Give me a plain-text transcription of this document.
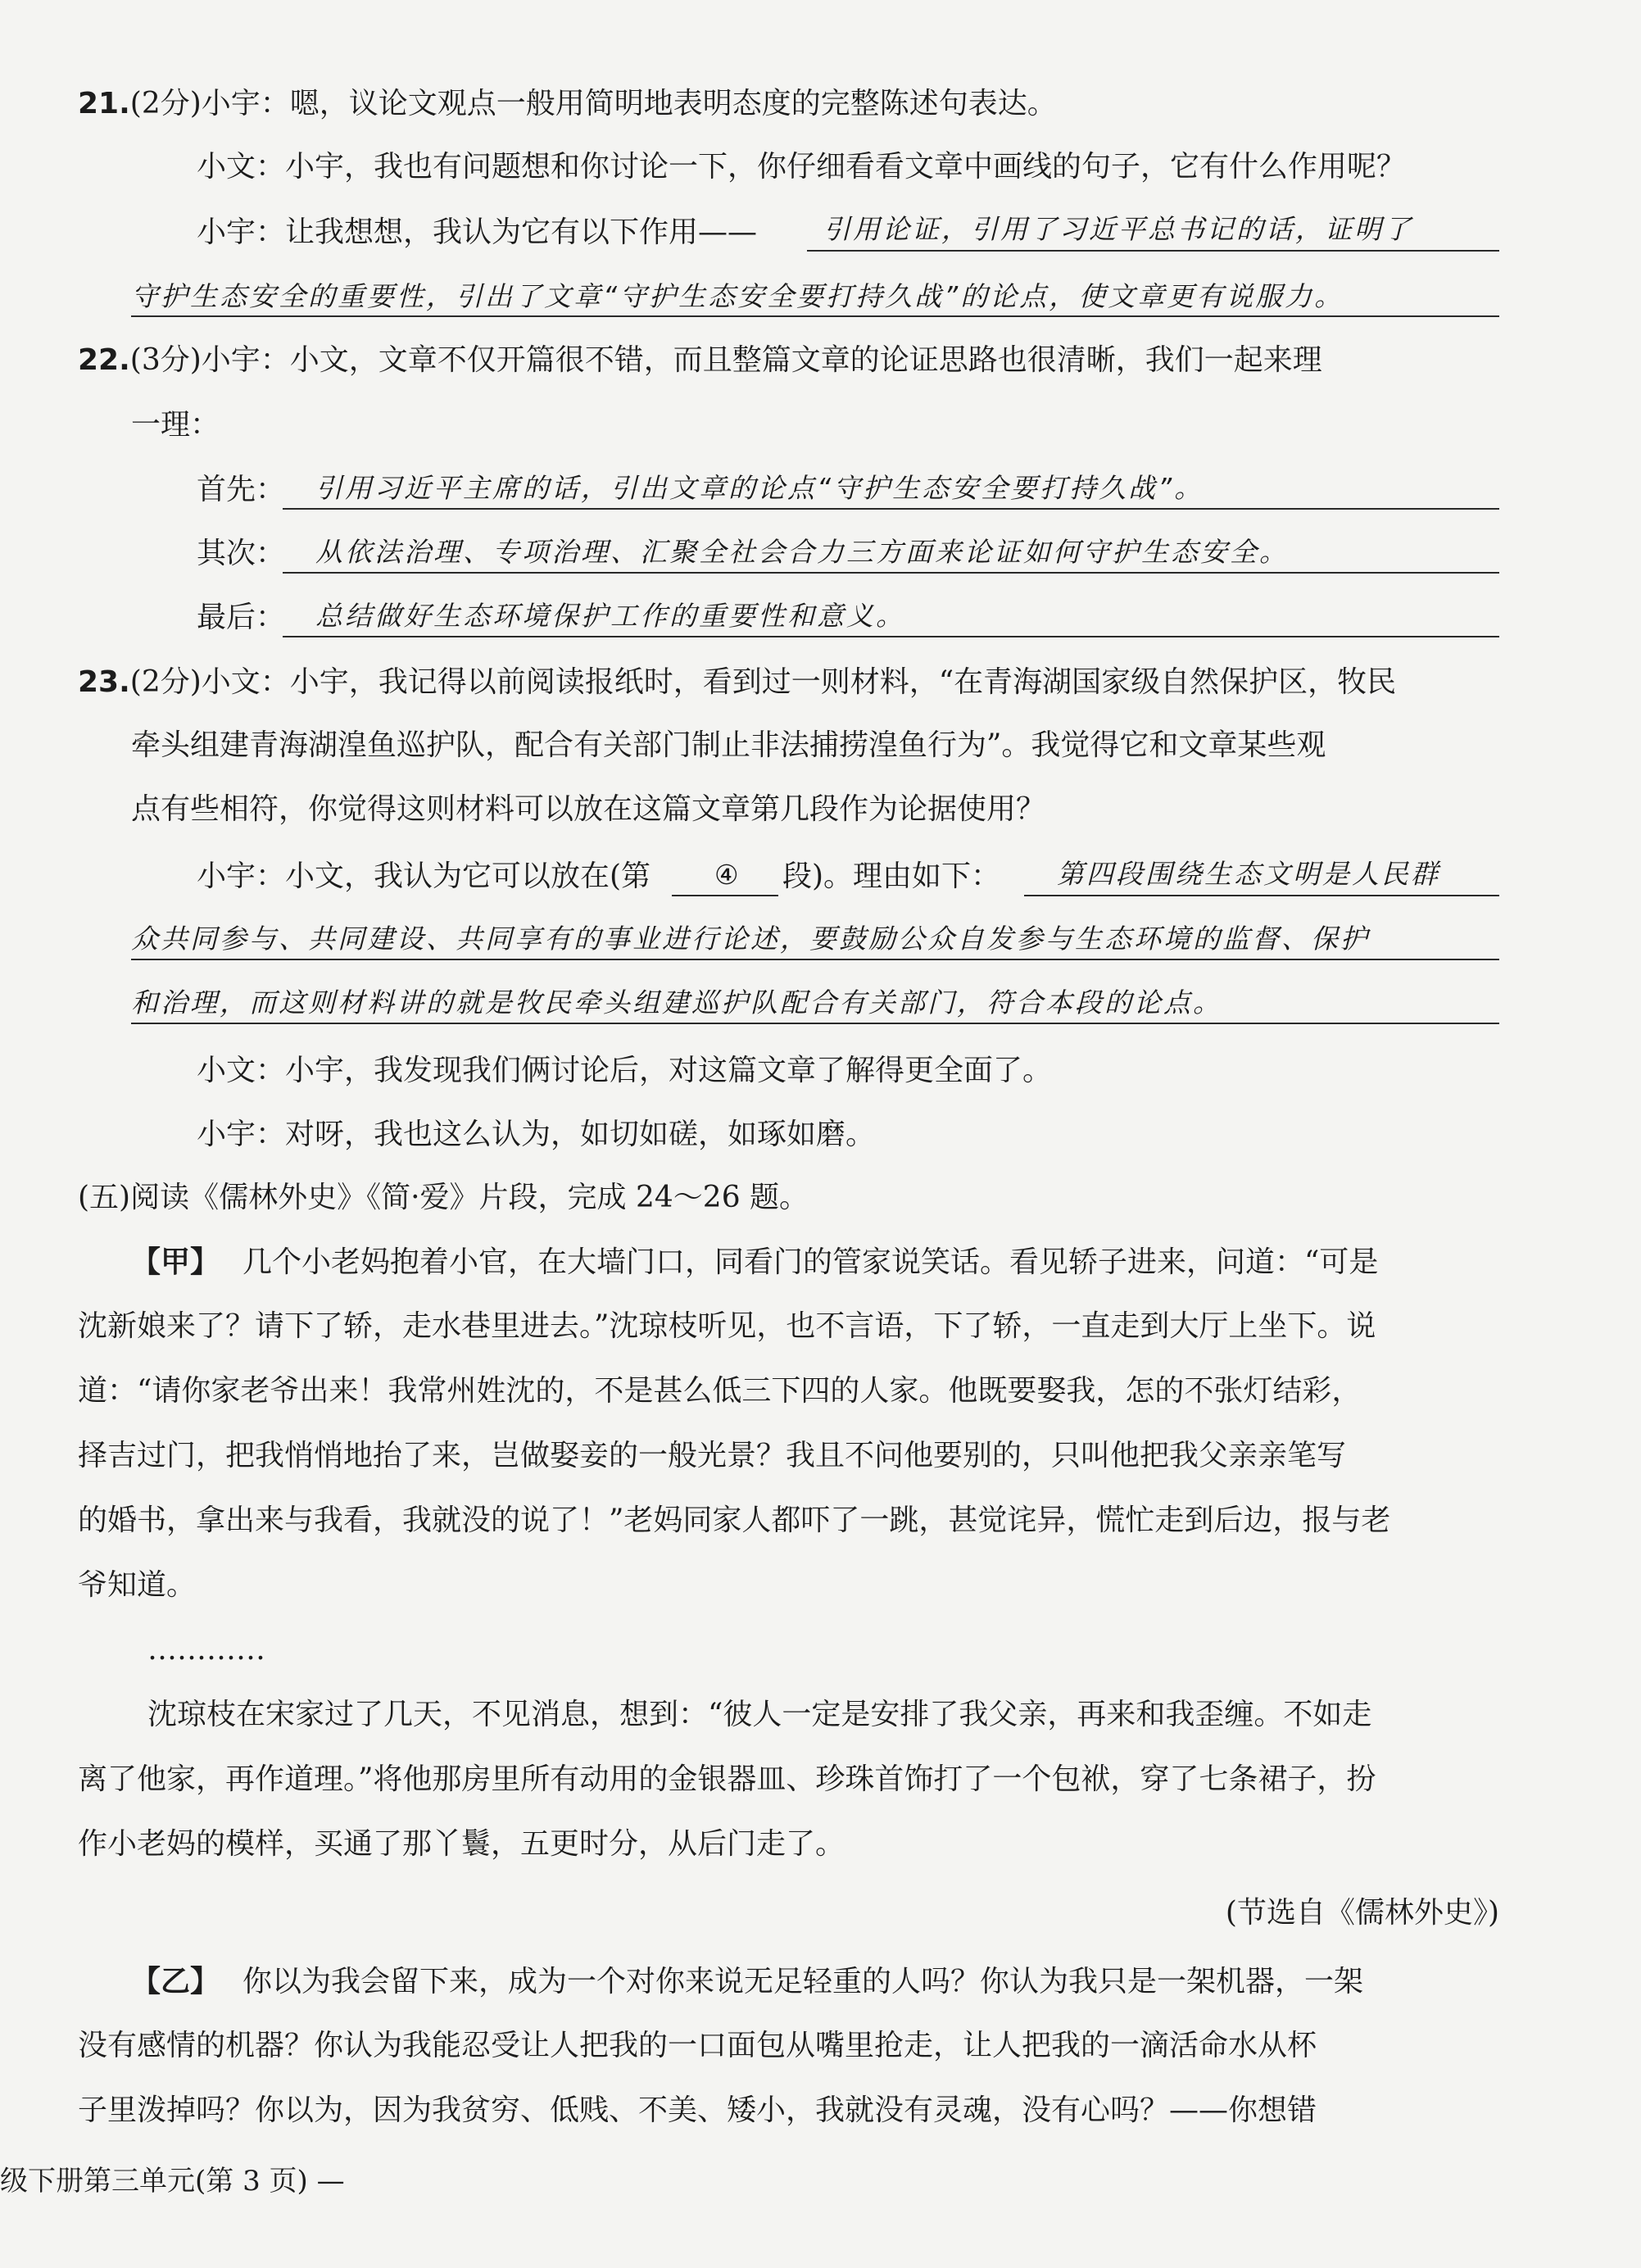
21.(2分)小宇：嗯，议论文观点一般用简明地表明态度的完整陈述句表达。
小文：小宇，我也有问题想和你讨论一下，你仔细看看文章中画线的句子，它有什么作用呢？
小宇：让我想想，我认为它有以下作用—— 引用论证，引用了习近平总书记的话，证明了
守护生态安全的重要性，引出了文章“守护生态安全要打持久战”的论点，使文章更有说服力。
22.(3分)小宇：小文，文章不仅开篇很不错，而且整篇文章的论证思路也很清晰，我们一起来理
一理：
首先： 引用习近平主席的话，引出文章的论点“守护生态安全要打持久战”。
其次： 从依法治理、专项治理、汇聚全社会合力三方面来论证如何守护生态安全。
最后： 总结做好生态环境保护工作的重要性和意义。
23.(2分)小文：小宇，我记得以前阅读报纸时，看到过一则材料，“在青海湖国家级自然保护区，牧民
牵头组建青海湖湟鱼巡护队，配合有关部门制止非法捕捞湟鱼行为”。我觉得它和文章某些观
点有些相符，你觉得这则材料可以放在这篇文章第几段作为论据使用？
小宇：小文，我认为它可以放在(第 ④ 段)。理由如下： 第四段围绕生态文明是人民群
众共同参与、共同建设、共同享有的事业进行论述，要鼓励公众自发参与生态环境的监督、保护
和治理，而这则材料讲的就是牧民牵头组建巡护队配合有关部门，符合本段的论点。
小文：小宇，我发现我们俩讨论后，对这篇文章了解得更全面了。
小宇：对呀，我也这么认为，如切如磋，如琢如磨。
(五)阅读《儒林外史》《简·爱》片段，完成 24～26 题。
【甲】 几个小老妈抱着小官，在大墙门口，同看门的管家说笑话。看见轿子进来，问道：“可是
沈新娘来了？请下了轿，走水巷里进去。”沈琼枝听见，也不言语，下了轿，一直走到大厅上坐下。说
道：“请你家老爷出来！我常州姓沈的，不是甚么低三下四的人家。他既要娶我，怎的不张灯结彩，
择吉过门，把我悄悄地抬了来，岂做娶妾的一般光景？我且不问他要别的，只叫他把我父亲亲笔写
的婚书，拿出来与我看，我就没的说了！”老妈同家人都吓了一跳，甚觉诧异，慌忙走到后边，报与老
爷知道。
…………
沈琼枝在宋家过了几天，不见消息，想到：“彼人一定是安排了我父亲，再来和我歪缠。不如走
离了他家，再作道理。”将他那房里所有动用的金银器皿、珍珠首饰打了一个包袱，穿了七条裙子，扮
作小老妈的模样，买通了那丫鬟，五更时分，从后门走了。
(节选自《儒林外史》)
【乙】 你以为我会留下来，成为一个对你来说无足轻重的人吗？你认为我只是一架机器，一架
没有感情的机器？你认为我能忍受让人把我的一口面包从嘴里抢走，让人把我的一滴活命水从杯
子里泼掉吗？你以为，因为我贫穷、低贱、不美、矮小，我就没有灵魂，没有心吗？——你想错
级下册第三单元(第 3 页) —
